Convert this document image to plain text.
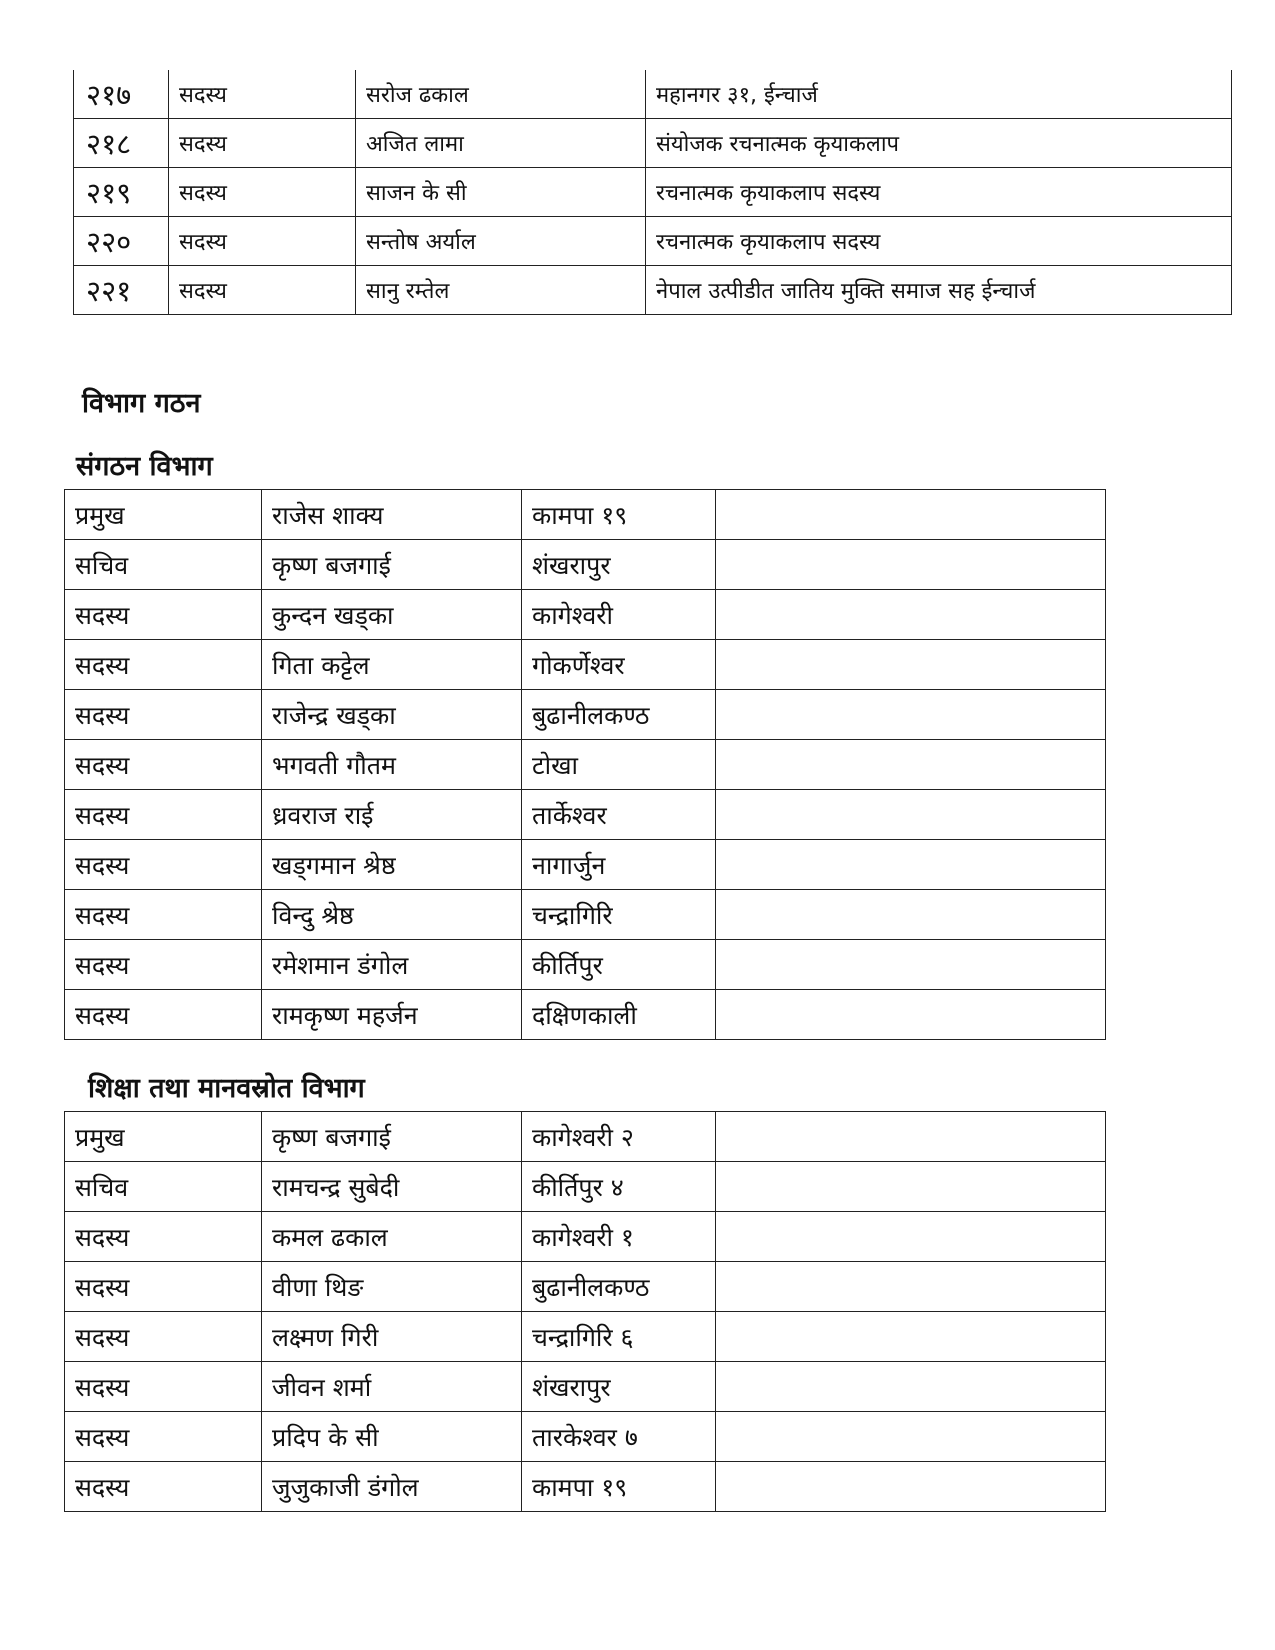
२१७	सदस्य	सरोज ढकाल	महानगर ३१, ईन्चार्ज
२१८	सदस्य	अजित लामा	संयोजक रचनात्मक कृयाकलाप
२१९	सदस्य	साजन के सी	रचनात्मक कृयाकलाप सदस्य
२२०	सदस्य	सन्तोष अर्याल	रचनात्मक कृयाकलाप सदस्य
२२१	सदस्य	सानु रम्तेल	नेपाल उत्पीडीत जातिय मुक्ति समाज सह ईन्चार्ज
विभाग गठन
संगठन विभाग
प्रमुख	राजेस शाक्य	कामपा १९	
सचिव	कृष्ण बजगाई	शंखरापुर	
सदस्य	कुन्दन खड्का	कागेश्वरी	
सदस्य	गिता कट्टेल	गोकर्णेश्वर	
सदस्य	राजेन्द्र खड्का	बुढानीलकण्ठ	
सदस्य	भगवती गौतम	टोखा	
सदस्य	ध्रवराज राई	तार्केश्वर	
सदस्य	खड्गमान श्रेष्ठ	नागार्जुन	
सदस्य	विन्दु श्रेष्ठ	चन्द्रागिरि	
सदस्य	रमेशमान डंगोल	कीर्तिपुर	
सदस्य	रामकृष्ण महर्जन	दक्षिणकाली	
शिक्षा तथा मानवस्रोत विभाग
प्रमुख	कृष्ण बजगाई	कागेश्वरी २	
सचिव	रामचन्द्र सुबेदी	कीर्तिपुर ४	
सदस्य	कमल ढकाल	कागेश्वरी १	
सदस्य	वीणा थिङ	बुढानीलकण्ठ	
सदस्य	लक्ष्मण गिरी	चन्द्रागिरि ६	
सदस्य	जीवन शर्मा	शंखरापुर	
सदस्य	प्रदिप के सी	तारकेश्वर ७	
सदस्य	जुजुकाजी डंगोल	कामपा १९	
